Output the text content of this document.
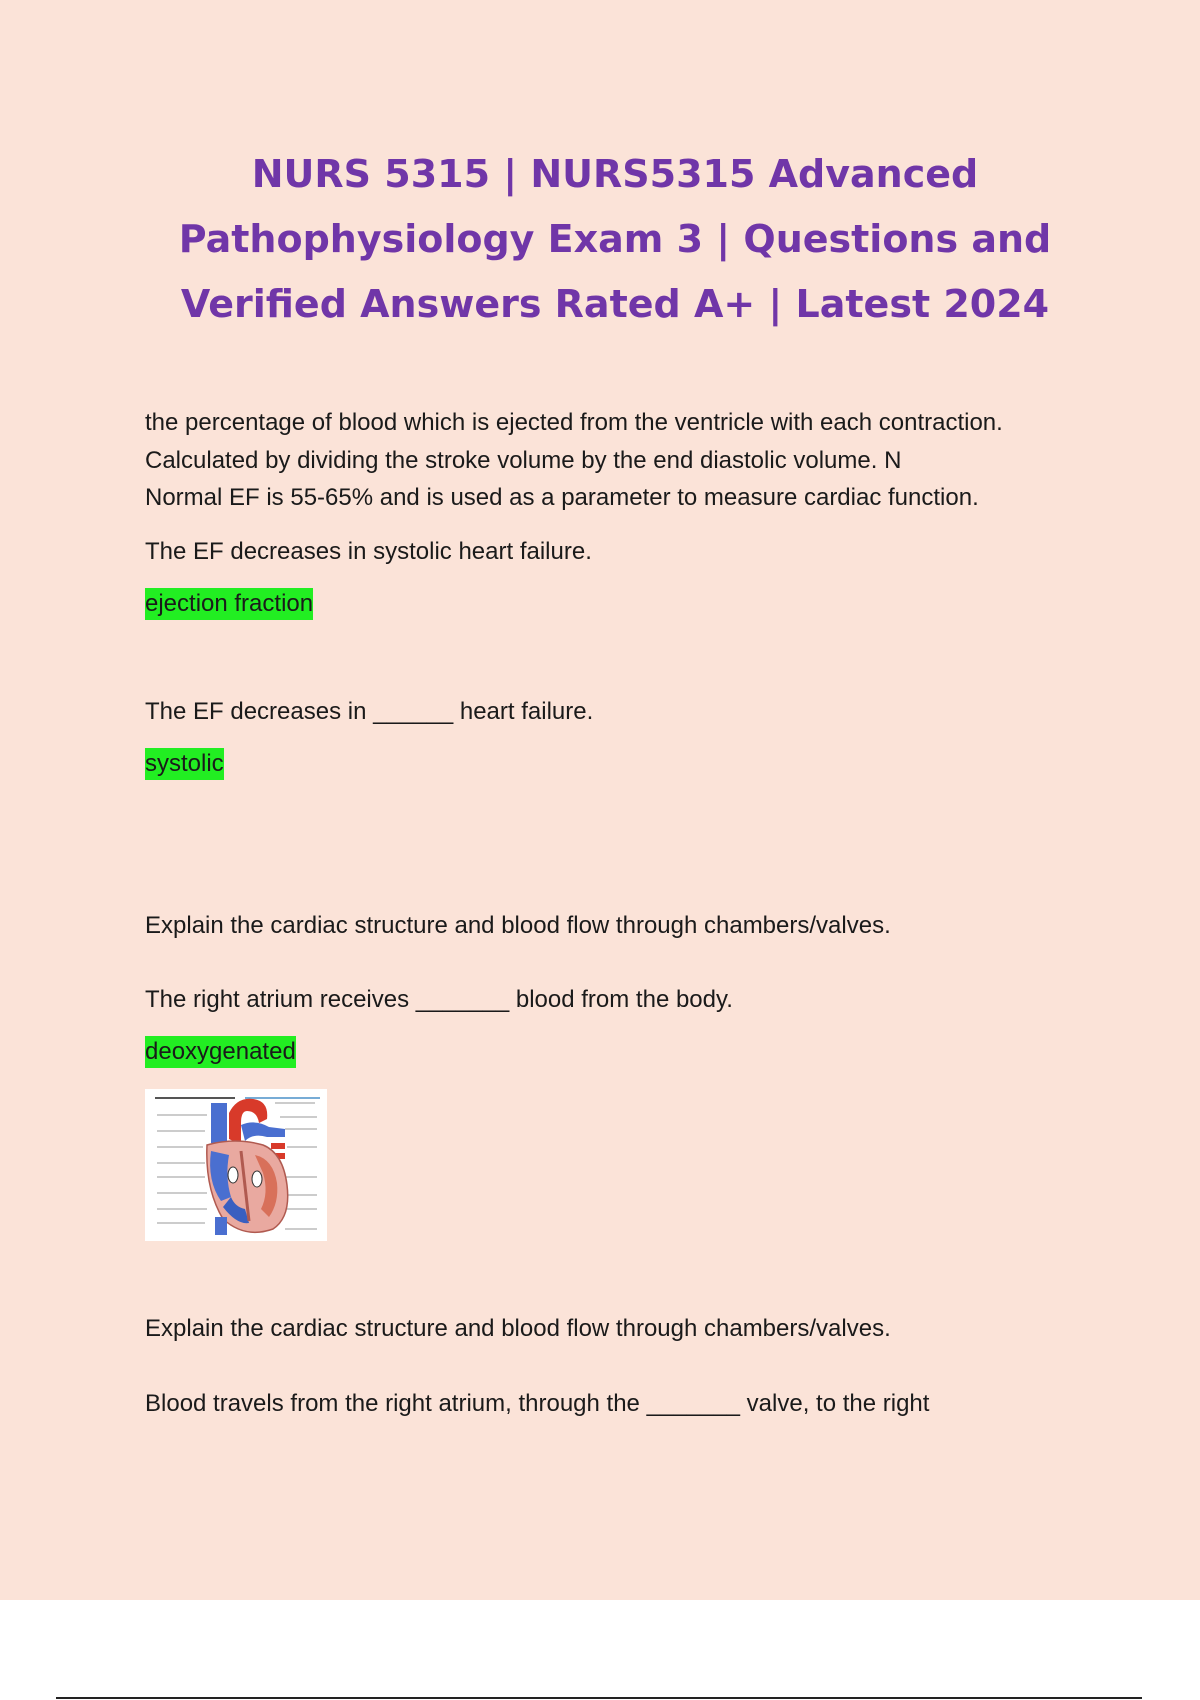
NURS 5315 | NURS5315 Advanced Pathophysiology Exam 3 | Questions and Verified Answers Rated A+ | Latest 2024
the percentage of blood which is ejected from the ventricle with each contraction.
Calculated by dividing the stroke volume by the end diastolic volume. N
Normal EF is 55-65% and is used as a parameter to measure cardiac function.
The EF decreases in systolic heart failure.
ejection fraction
The EF decreases in ______ heart failure.
systolic
Explain the cardiac structure and blood flow through chambers/valves.
The right atrium receives _______ blood from the body.
deoxygenated
Explain the cardiac structure and blood flow through chambers/valves.
Blood travels from the right atrium, through the _______ valve, to the right
